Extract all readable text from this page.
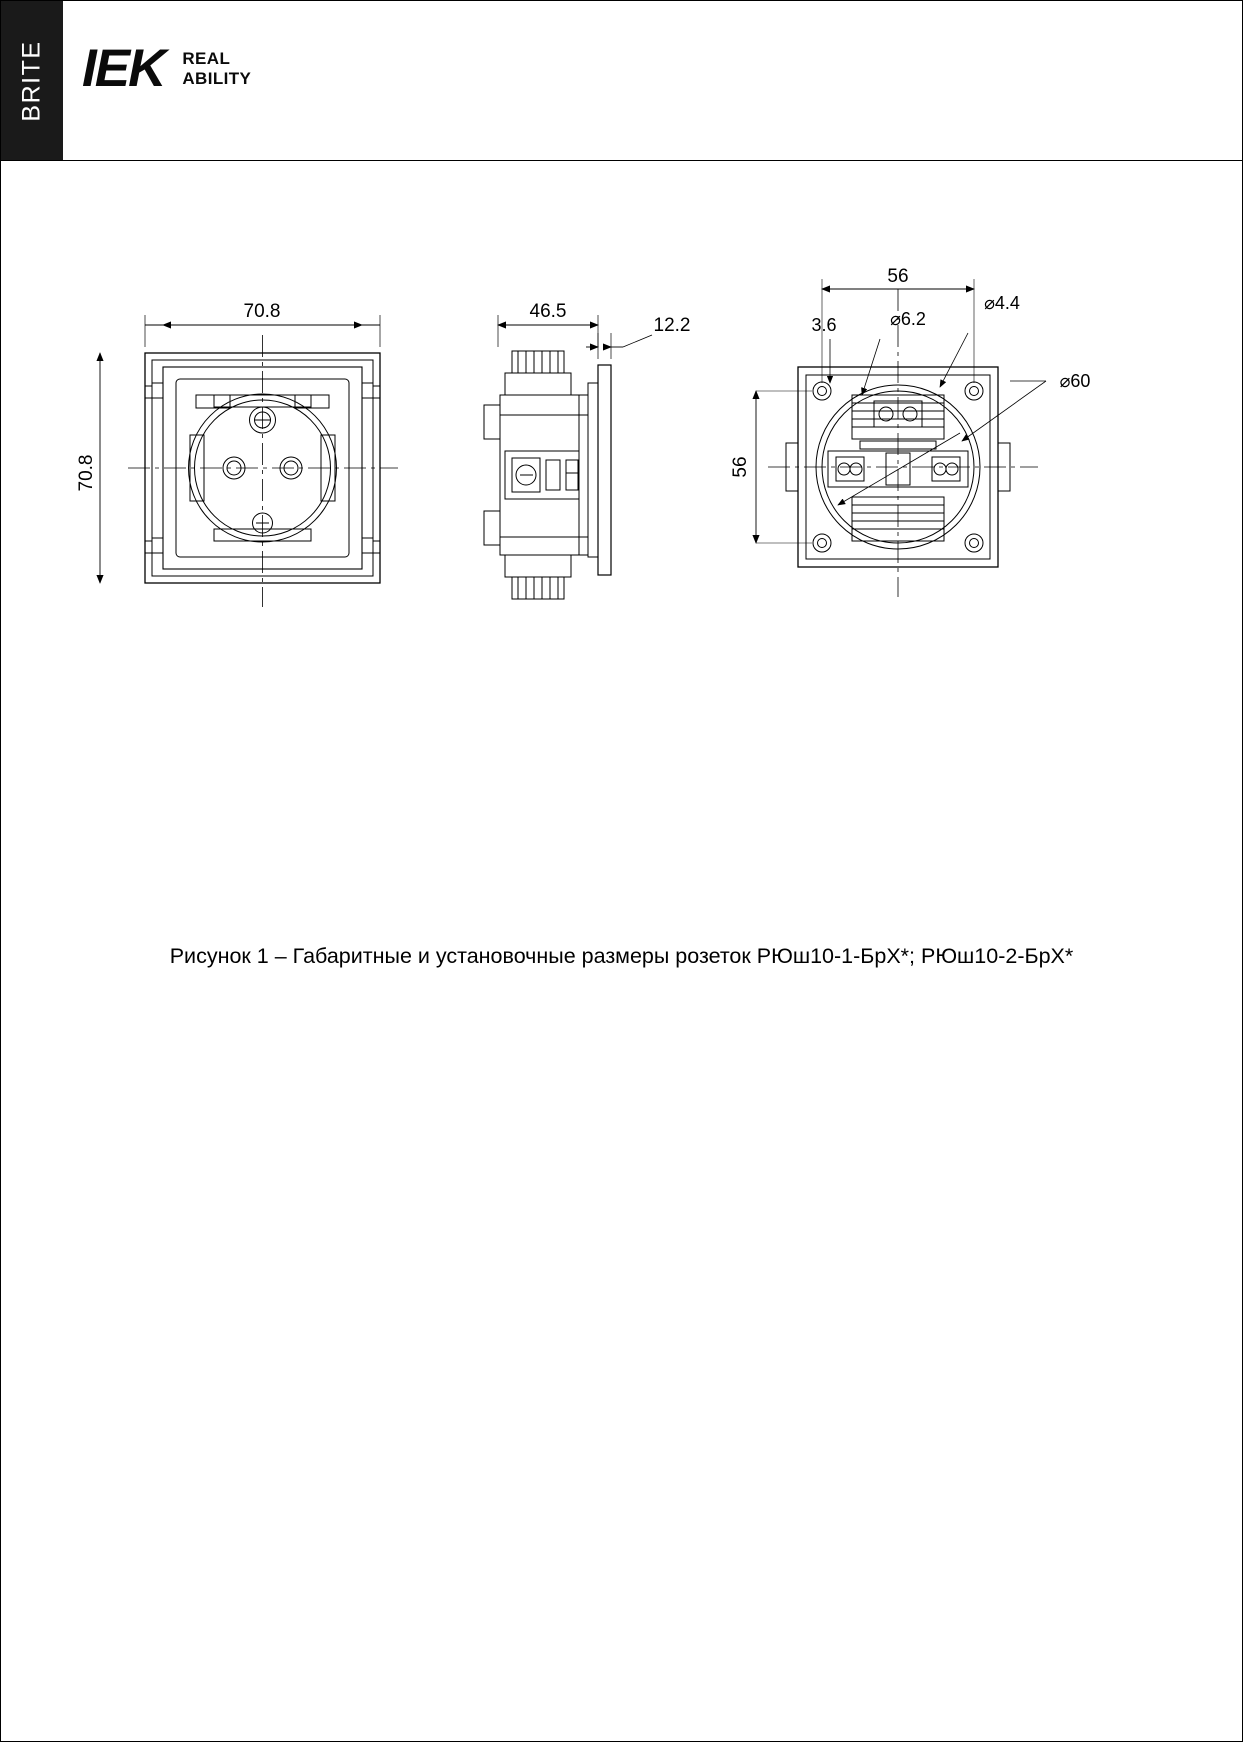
BRITE IEK REAL
ABILITY
70.8
70.8
46.5
12.2
56
56
3.6	⌀6.2
⌀4.4
⌀60
Рисунок 1 – Габаритные и установочные размеры розеток РЮш10-1-БрХ*; РЮш10-2-БрХ*
